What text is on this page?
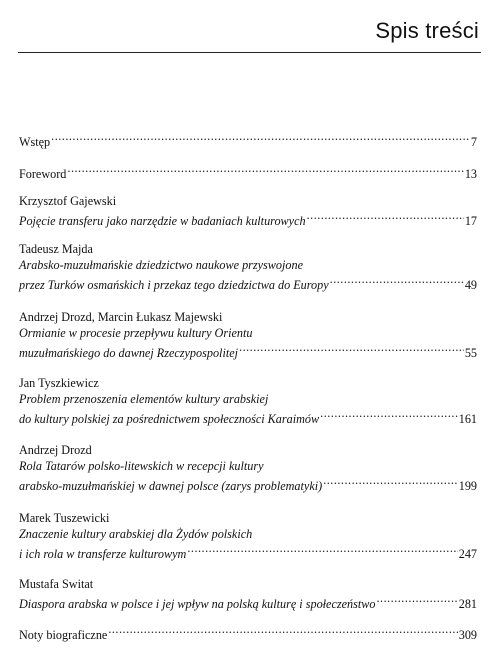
Spis treści
Wstęp .....	7
Foreword .....	13
Krzysztof Gajewski
Pojęcie transferu jako narzędzie w badaniach kulturowych .....	17
Tadeusz Majda
Arabsko-muzułmańskie dziedzictwo naukowe przyswojone
przez Turków osmańskich i przekaz tego dziedzictwa do Europy .....	49
Andrzej Drozd, Marcin Łukasz Majewski
Ormianie w procesie przepływu kultury Orientu
muzułmańskiego do dawnej Rzeczypospolitej .....	55
Jan Tyszkiewicz
Problem przenoszenia elementów kultury arabskiej
do kultury polskiej za pośrednictwem społeczności Karaimów .....	161
Andrzej Drozd
Rola Tatarów polsko-litewskich w recepcji kultury
arabsko-muzułmańskiej w dawnej polsce (zarys problematyki) .....	199
Marek Tuszewicki
Znaczenie kultury arabskiej dla Żydów polskich
i ich rola w transferze kulturowym .....	247
Mustafa Switat
Diaspora arabska w polsce i jej wpływ na polską kulturę i społeczeństwo .....	281
Noty biograficzne .....	309
